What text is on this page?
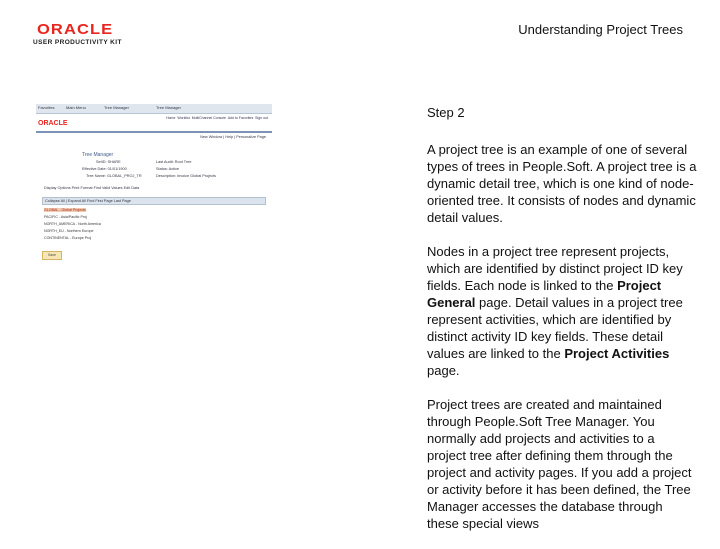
ORACLE
USER PRODUCTIVITY KIT
Understanding Project Trees
Favorites	Main Menu	Tree Manager	Tree Manager
ORACLE
Home Worklist MultiChannel Console Add to Favorites Sign out
New Window | Help | Personalize Page
Tree Manager
SetID: SHARE	Last Audit: Root Tree
Effective Date: 01/01/1900	Status: Active
Tree Name: GLOBAL_PROJ_TR	Description: Invoice Global Projects
Display Options Print Format Find Valid Values Edit Data
Collapse All | Expand All Find First Page Last Page
GLOBAL - Global Projects
PACIFIC - Asia/Pacific Proj
NORTH_AMERICA - North America
NORTH_EU - Northern Europe
CONTINENTAL - Europe Proj
Save

Step 2

A project tree is an example of one of several types of trees in People.Soft. A project tree is a dynamic detail tree, which is one kind of node-oriented tree. It consists of nodes and dynamic detail values.

Nodes in a project tree represent projects, which are identified by distinct project ID key fields. Each node is linked to the Project General page. Detail values in a project tree represent activities, which are identified by distinct activity ID key fields. These detail values are linked to the Project Activities page.

Project trees are created and maintained through People.Soft Tree Manager. You normally add projects and activities to a project tree after defining them through the project and activity pages. If you add a project or activity before it has been defined, the Tree Manager accesses the database through these special views
